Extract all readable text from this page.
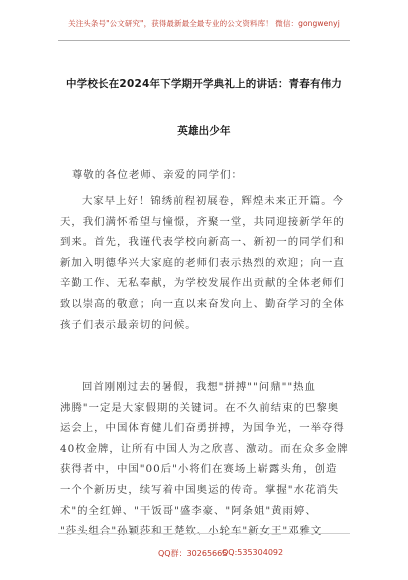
关注头条号"公文研究"，获得最新最全最专业的公文资料库！ 微信：gongwenyj
中学校长在2024年下学期开学典礼上的讲话：青春有伟力
英雄出少年
尊敬的各位老师、亲爱的同学们：
大家早上好！锦绣前程初展卷，辉煌未来正开篇。今
天，我们满怀希望与憧憬，齐聚一堂，共同迎接新学年的
到来。首先，我谨代表学校向新高一、新初一的同学们和
新加入明德华兴大家庭的老师们表示热烈的欢迎；向一直
辛勤工作、无私奉献，为学校发展作出贡献的全体老师们
致以崇高的敬意；向一直以来奋发向上、勤奋学习的全体
孩子们表示最亲切的问候。
回首刚刚过去的暑假，我想"拼搏""问鼎""热血
沸腾"一定是大家假期的关键词。在不久前结束的巴黎奥
运会上，中国体育健儿们奋勇拼搏，为国争光，一举夺得
40枚金牌，让所有中国人为之欣喜、激动。而在众多金牌
获得者中，中国"00后"小将们在赛场上崭露头角，创造
一个个新历史，续写着中国奥运的传奇。掌握"水花消失
术"的全红婵、"干饭哥"盛李豪、"阿条姐"黄雨婷、
"莎头组合"孙颖莎和王楚钦、小轮车"新女王"邓雅文
QQ群：30265665
QQ:535304092
